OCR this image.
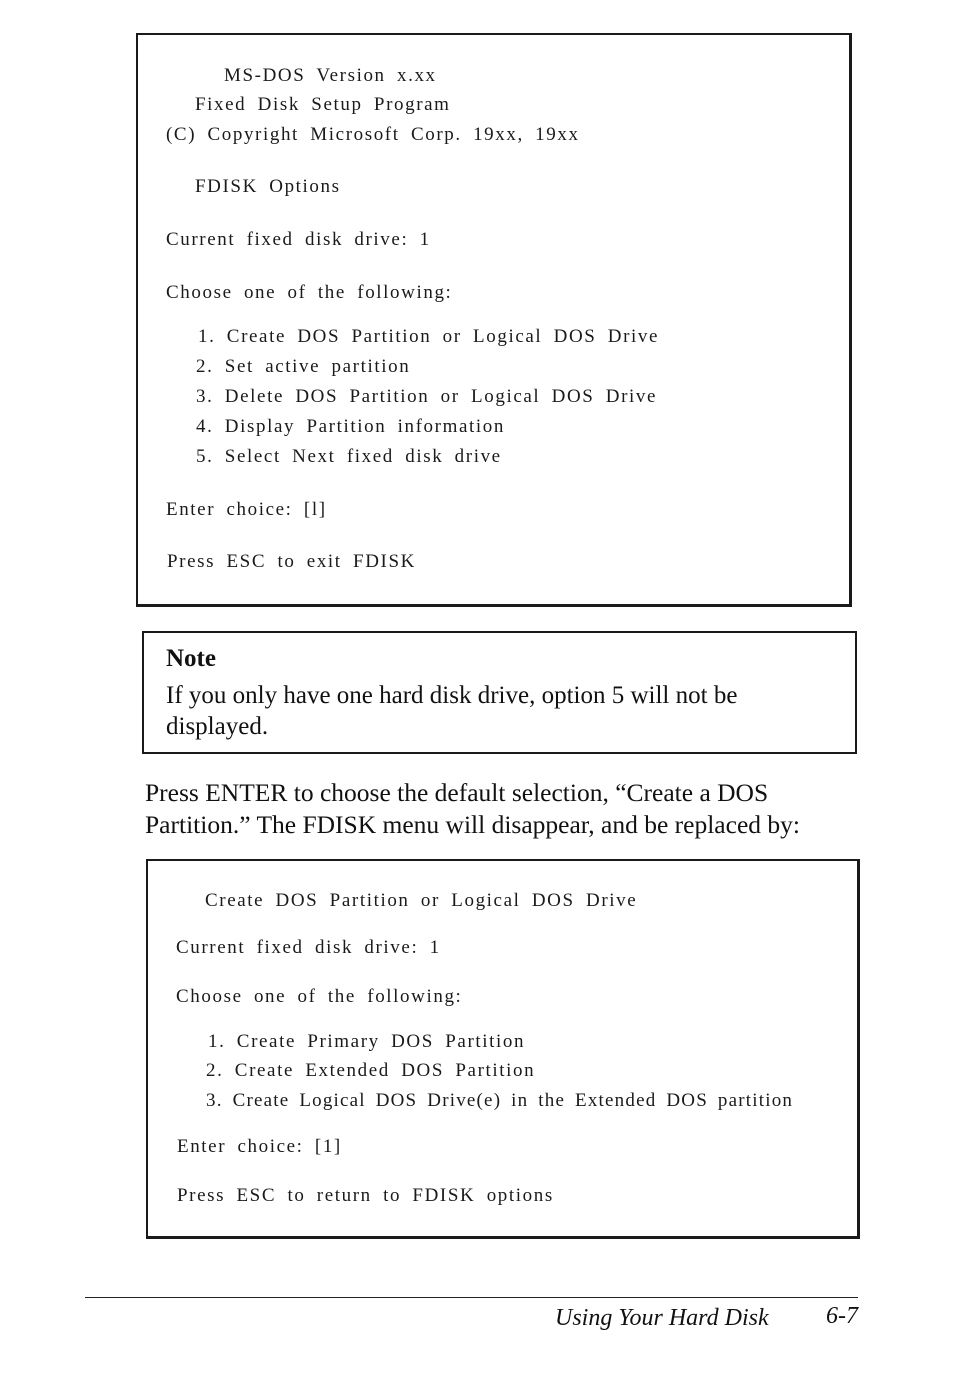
MS-DOS Version x.xx
Fixed Disk Setup Program
(C) Copyright Microsoft Corp. 19xx, 19xx
FDISK Options
Current fixed disk drive: 1
Choose one of the following:
1. Create DOS Partition or Logical DOS Drive
2. Set active partition
3. Delete DOS Partition or Logical DOS Drive
4. Display Partition information
5. Select Next fixed disk drive
Enter choice: [l]
Press ESC to exit FDISK
Note
If you only have one hard disk drive, option 5 will not be displayed.
Press ENTER to choose the default selection, “Create a DOS Partition.” The FDISK menu will disappear, and be replaced by:
Create DOS Partition or Logical DOS Drive
Current fixed disk drive: 1
Choose one of the following:
1. Create Primary DOS Partition
2. Create Extended DOS Partition
3. Create Logical DOS Drive(e) in the Extended DOS partition
Enter choice: [1]
Press ESC to return to FDISK options
Using Your Hard Disk 6-7
